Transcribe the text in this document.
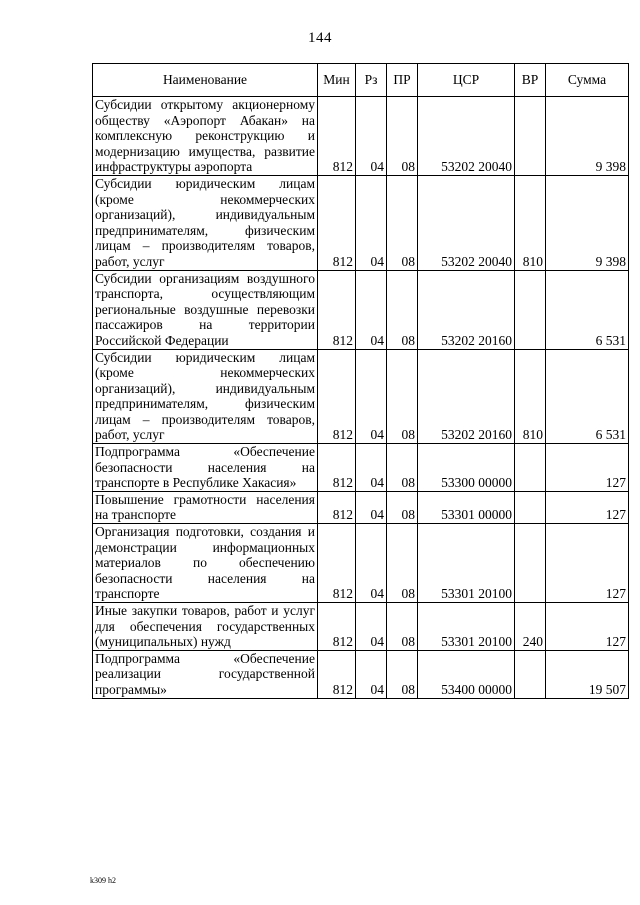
144
Наименование	Мин	Рз	ПР	ЦСР	ВР	Сумма
Субсидии открытому акционерному обществу «Аэропорт Абакан» на комплексную реконструкцию и модернизацию имущества, развитие инфраструктуры аэропорта	812	04	08	53202 20040		9 398
Субсидии юридическим лицам (кроме некоммерческих организаций), индивидуальным предпринимателям, физическим лицам – производителям товаров, работ, услуг	812	04	08	53202 20040	810	9 398
Субсидии организациям воздушного транспорта, осуществляющим региональные воздушные перевозки пассажиров на территории Российской Федерации	812	04	08	53202 20160		6 531
Субсидии юридическим лицам (кроме некоммерческих организаций), индивидуальным предпринимателям, физическим лицам – производителям товаров, работ, услуг	812	04	08	53202 20160	810	6 531
Подпрограмма «Обеспечение безопасности населения на транспорте в Республике Хакасия»	812	04	08	53300 00000		127
Повышение грамотности населения на транспорте	812	04	08	53301 00000		127
Организация подготовки, создания и демонстрации информационных материалов по обеспечению безопасности населения на транспорте	812	04	08	53301 20100		127
Иные закупки товаров, работ и услуг для обеспечения государственных (муниципальных) нужд	812	04	08	53301 20100	240	127
Подпрограмма «Обеспечение реализации государственной программы»	812	04	08	53400 00000		19 507
k309 h2
